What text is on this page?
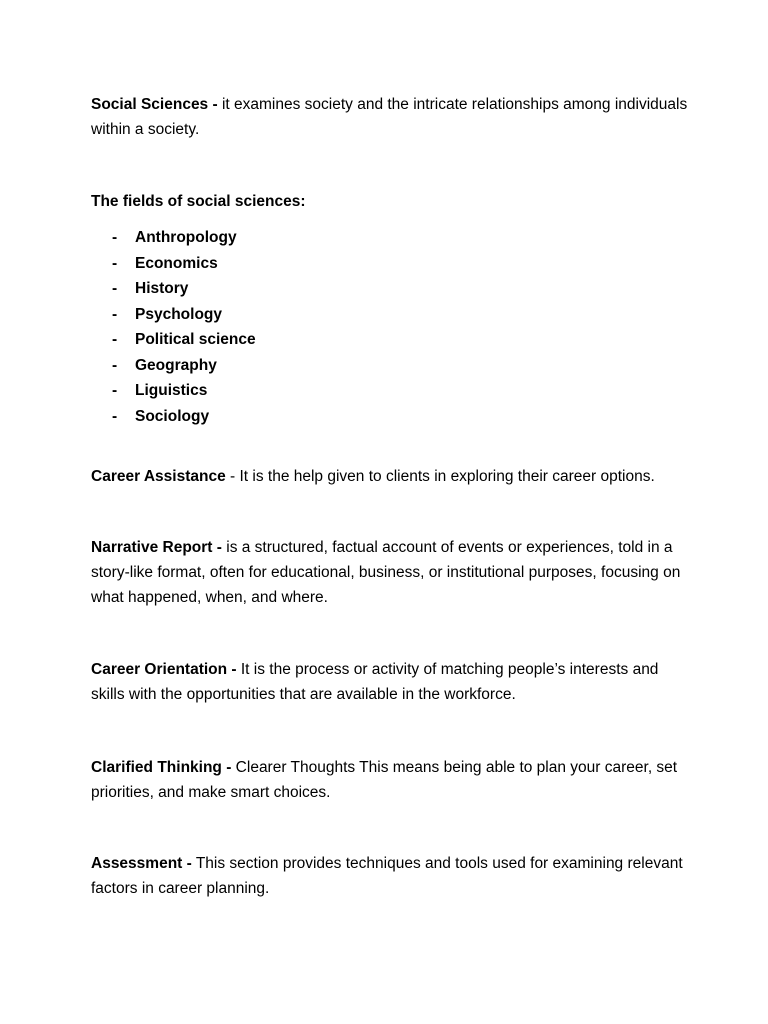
Social Sciences - it examines society and the intricate relationships among individuals within a society.

The fields of social sciences:

- Anthropology
- Economics
- History
- Psychology
- Political science
- Geography
- Liguistics
- Sociology

Career Assistance - It is the help given to clients in exploring their career options.

Narrative Report - is a structured, factual account of events or experiences, told in a story-like format, often for educational, business, or institutional purposes, focusing on what happened, when, and where.

Career Orientation - It is the process or activity of matching people’s interests and skills with the opportunities that are available in the workforce.

Clarified Thinking - Clearer Thoughts This means being able to plan your career, set priorities, and make smart choices.

Assessment - This section provides techniques and tools used for examining relevant factors in career planning.
